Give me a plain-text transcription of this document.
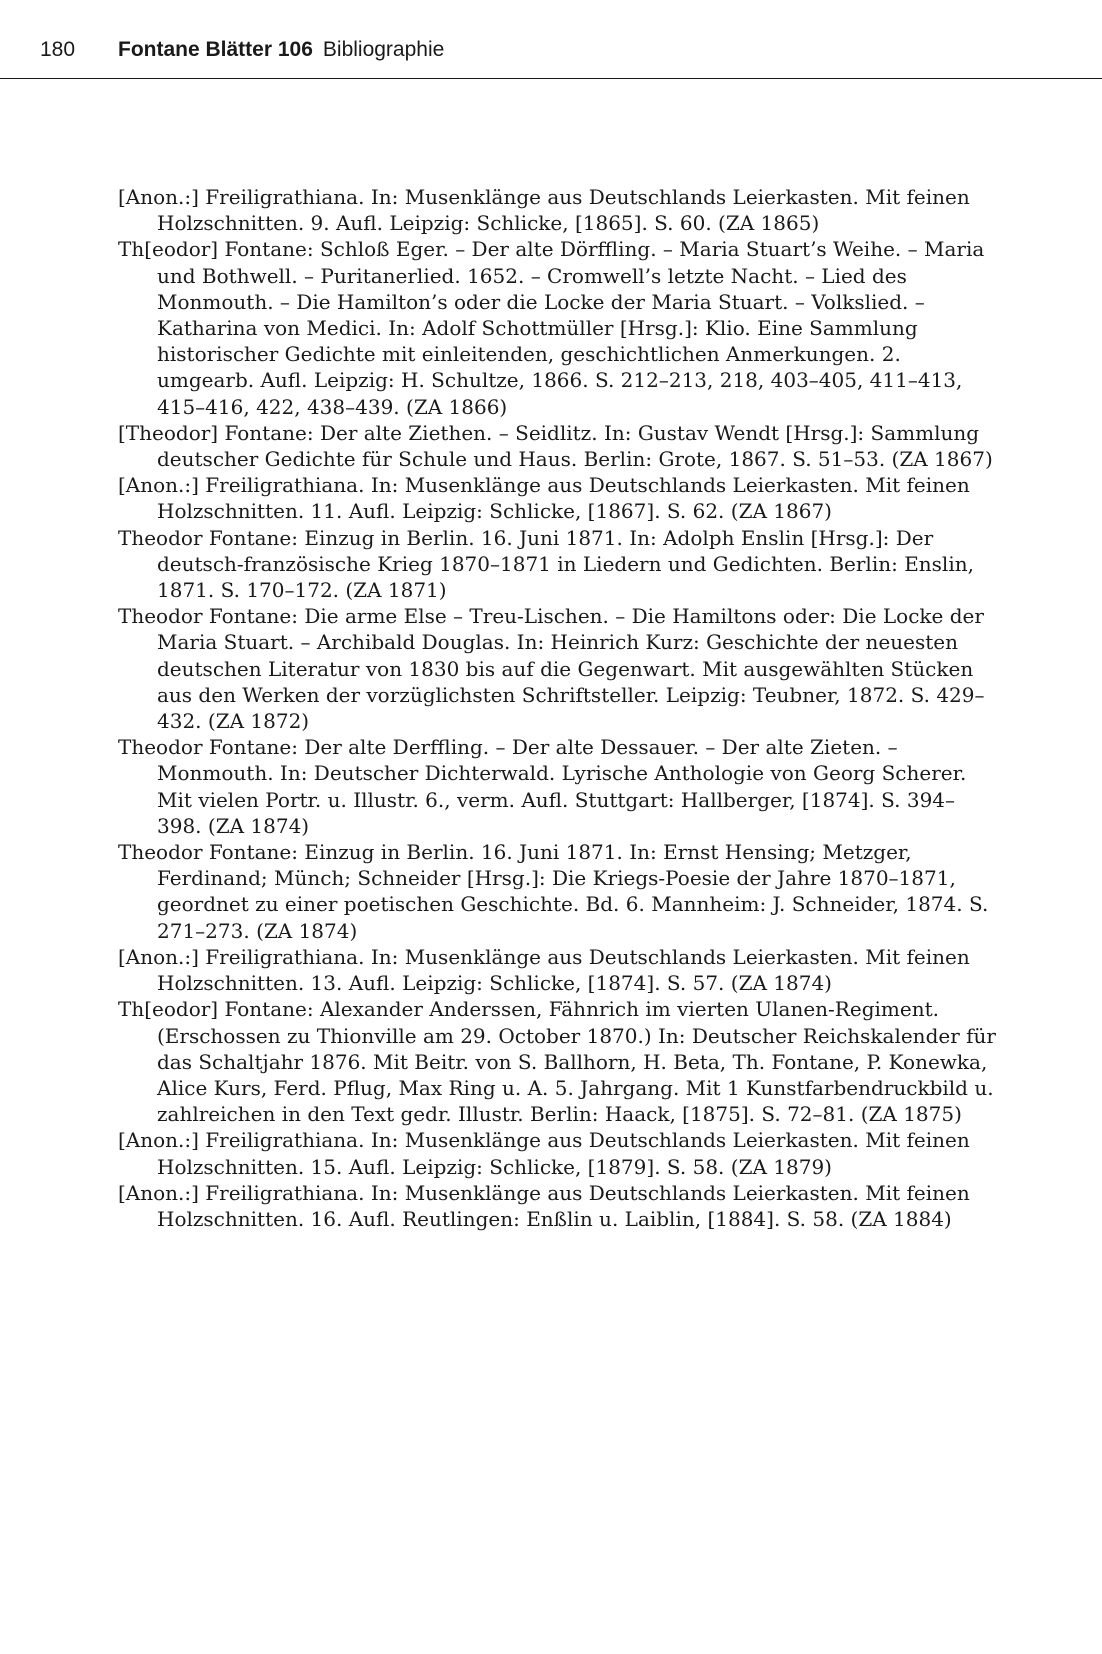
180 Fontane Blätter 106 Bibliographie
[Anon.:] Freiligrathiana. In: Musenklänge aus Deutschlands Leierkasten. Mit feinen Holzschnitten. 9. Aufl. Leipzig: Schlicke, [1865]. S. 60. (ZA 1865)
Th[eodor] Fontane: Schloß Eger. – Der alte Dörffling. – Maria Stuart’s Weihe. – Maria und Bothwell. – Puritanerlied. 1652. – Cromwell’s letzte Nacht. – Lied des Monmouth. – Die Hamilton’s oder die Locke der Maria Stuart. – Volkslied. – Katharina von Medici. In: Adolf Schottmüller [Hrsg.]: Klio. Eine Sammlung historischer Gedichte mit einleitenden, geschichtlichen Anmerkungen. 2. umgearb. Aufl. Leipzig: H. Schultze, 1866. S. 212–213, 218, 403–405, 411–413, 415–416, 422, 438–439. (ZA 1866)
[Theodor] Fontane: Der alte Ziethen. – Seidlitz. In: Gustav Wendt [Hrsg.]: Sammlung deutscher Gedichte für Schule und Haus. Berlin: Grote, 1867. S. 51–53. (ZA 1867)
[Anon.:] Freiligrathiana. In: Musenklänge aus Deutschlands Leierkasten. Mit feinen Holzschnitten. 11. Aufl. Leipzig: Schlicke, [1867]. S. 62. (ZA 1867)
Theodor Fontane: Einzug in Berlin. 16. Juni 1871. In: Adolph Enslin [Hrsg.]: Der deutsch-französische Krieg 1870–1871 in Liedern und Gedichten. Berlin: Enslin, 1871. S. 170–172. (ZA 1871)
Theodor Fontane: Die arme Else – Treu-Lischen. – Die Hamiltons oder: Die Locke der Maria Stuart. – Archibald Douglas. In: Heinrich Kurz: Geschichte der neuesten deutschen Literatur von 1830 bis auf die Gegenwart. Mit ausgewählten Stücken aus den Werken der vorzüglichsten Schriftsteller. Leipzig: Teubner, 1872. S. 429–432. (ZA 1872)
Theodor Fontane: Der alte Derffling. – Der alte Dessauer. – Der alte Zieten. – Monmouth. In: Deutscher Dichterwald. Lyrische Anthologie von Georg Scherer. Mit vielen Portr. u. Illustr. 6., verm. Aufl. Stuttgart: Hallberger, [1874]. S. 394–398. (ZA 1874)
Theodor Fontane: Einzug in Berlin. 16. Juni 1871. In: Ernst Hensing; Metzger, Ferdinand; Münch; Schneider [Hrsg.]: Die Kriegs-Poesie der Jahre 1870–1871, geordnet zu einer poetischen Geschichte. Bd. 6. Mannheim: J. Schneider, 1874. S. 271–273. (ZA 1874)
[Anon.:] Freiligrathiana. In: Musenklänge aus Deutschlands Leierkasten. Mit feinen Holzschnitten. 13. Aufl. Leipzig: Schlicke, [1874]. S. 57. (ZA 1874)
Th[eodor] Fontane: Alexander Anderssen, Fähnrich im vierten Ulanen-Regiment. (Erschossen zu Thionville am 29. October 1870.) In: Deutscher Reichskalender für das Schaltjahr 1876. Mit Beitr. von S. Ballhorn, H. Beta, Th. Fontane, P. Konewka, Alice Kurs, Ferd. Pflug, Max Ring u. A. 5. Jahrgang. Mit 1 Kunstfarbendruckbild u. zahlreichen in den Text gedr. Illustr. Berlin: Haack, [1875]. S. 72–81. (ZA 1875)
[Anon.:] Freiligrathiana. In: Musenklänge aus Deutschlands Leierkasten. Mit feinen Holzschnitten. 15. Aufl. Leipzig: Schlicke, [1879]. S. 58. (ZA 1879)
[Anon.:] Freiligrathiana. In: Musenklänge aus Deutschlands Leierkasten. Mit feinen Holzschnitten. 16. Aufl. Reutlingen: Enßlin u. Laiblin, [1884]. S. 58. (ZA 1884)
